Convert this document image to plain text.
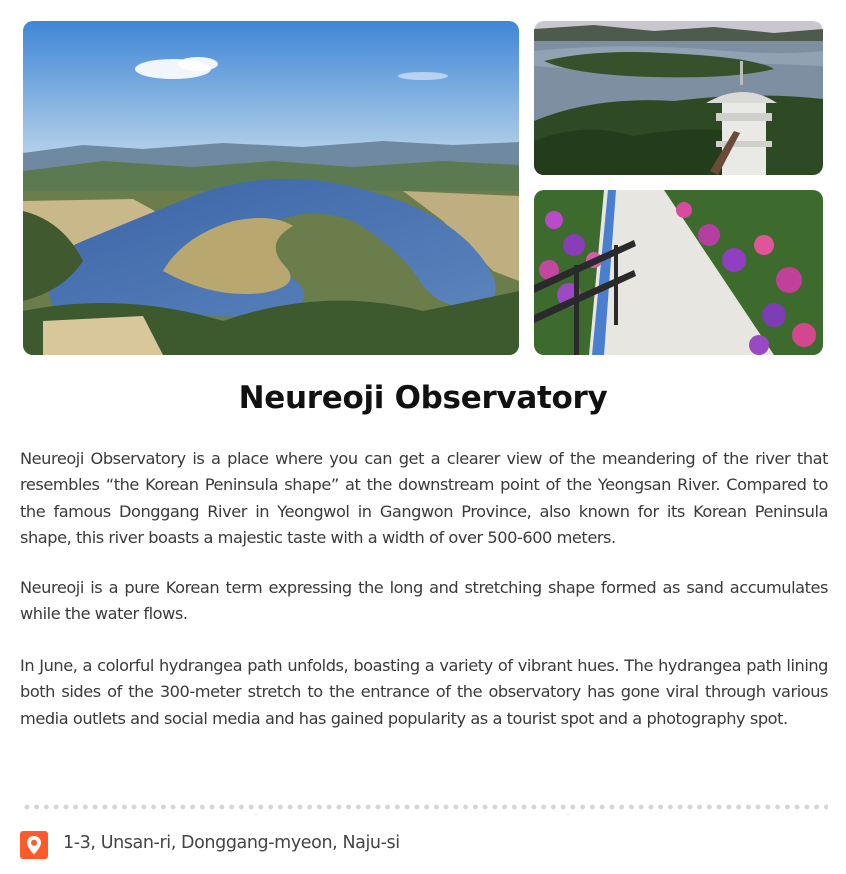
Neureoji Observatory

Neureoji Observatory is a place where you can get a clearer view of the meandering of the river that resembles “the Korean Peninsula shape” at the downstream point of the Yeongsan River. Compared to the famous Donggang River in Yeongwol in Gangwon Province, also known for its Korean Peninsula shape, this river boasts a majestic taste with a width of over 500-600 meters.

Neureoji is a pure Korean term expressing the long and stretching shape formed as sand accumulates while the water flows.

In June, a colorful hydrangea path unfolds, boasting a variety of vibrant hues. The hydrangea path lining both sides of the 300-meter stretch to the entrance of the observatory has gone viral through various media outlets and social media and has gained popularity as a tourist spot and a photography spot.

1-3, Unsan-ri, Donggang-myeon, Naju-si
